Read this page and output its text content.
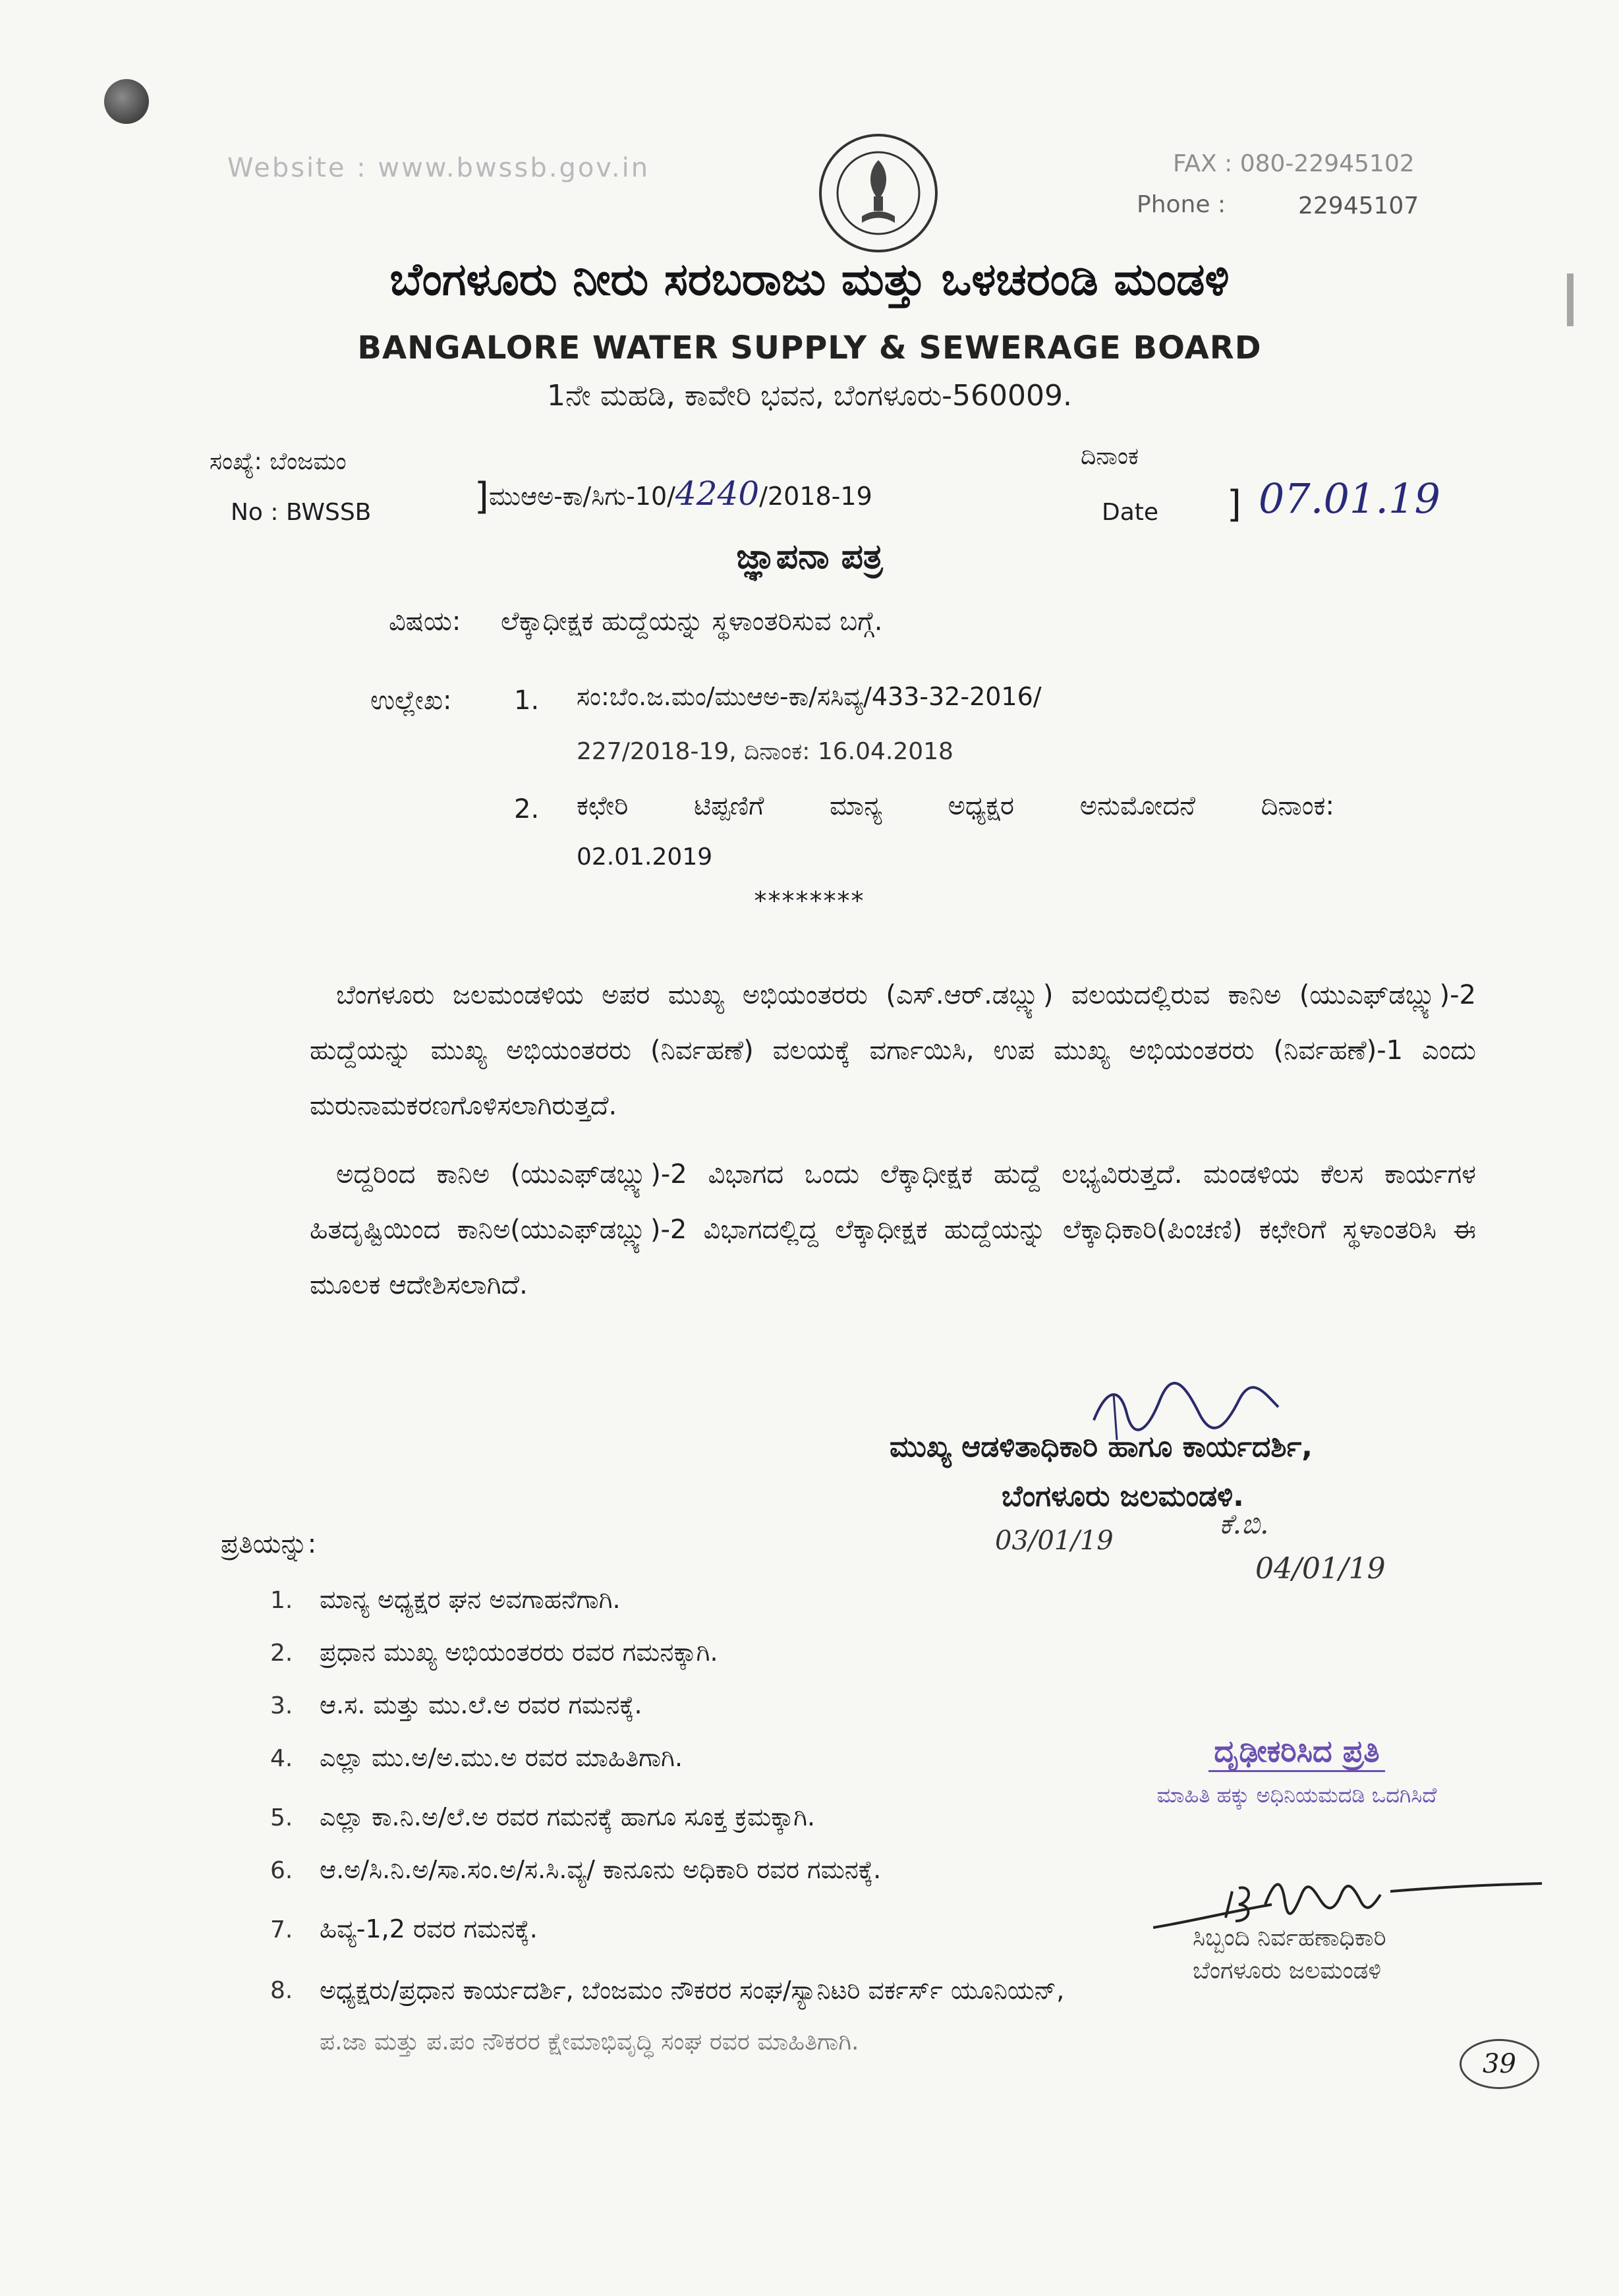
Website : www.bwssb.gov.in	FAX : 080-22945102
Phone :	22945107
ಬೆಂಗಳೂರು ನೀರು ಸರಬರಾಜು ಮತ್ತು ಒಳಚರಂಡಿ ಮಂಡಳಿ
BANGALORE WATER SUPPLY & SEWERAGE BOARD
1ನೇ ಮಹಡಿ, ಕಾವೇರಿ ಭವನ, ಬೆಂಗಳೂರು-560009.
ಸಂಖ್ಯೆ: ಬೆಂಜಮಂ
No : BWSSB	]ಮುಆಅ-ಕಾ/ಸಿಗು-10/4240/2018-19
ದಿನಾಂಕ
Date ] 07.01.19
ಜ್ಞಾಪನಾ ಪತ್ರ
ವಿಷಯ: ಲೆಕ್ಕಾಧೀಕ್ಷಕ ಹುದ್ದೆಯನ್ನು ಸ್ಥಳಾಂತರಿಸುವ ಬಗ್ಗೆ.
ಉಲ್ಲೇಖ: 1. ಸಂ:ಬೆಂ.ಜ.ಮಂ/ಮುಆಅ-ಕಾ/ಸಸಿವ್ಯ/433-32-2016/
227/2018-19, ದಿನಾಂಕ: 16.04.2018
2. ಕಛೇರಿ ಟಿಪ್ಪಣಿಗೆ ಮಾನ್ಯ ಅಧ್ಯಕ್ಷರ ಅನುಮೋದನೆ ದಿನಾಂಕ:
02.01.2019
********
ಬೆಂಗಳೂರು ಜಲಮಂಡಳಿಯ ಅಪರ ಮುಖ್ಯ ಅಭಿಯಂತರರು (ಎಸ್.ಆರ್.ಡಬ್ಲ್ಯು) ವಲಯದಲ್ಲಿರುವ ಕಾನಿಅ (ಯುಎಫ್‌ಡಬ್ಲ್ಯು)-2 ಹುದ್ದೆಯನ್ನು ಮುಖ್ಯ ಅಭಿಯಂತರರು (ನಿರ್ವಹಣೆ) ವಲಯಕ್ಕೆ ವರ್ಗಾಯಿಸಿ, ಉಪ ಮುಖ್ಯ ಅಭಿಯಂತರರು (ನಿರ್ವಹಣೆ)-1 ಎಂದು ಮರುನಾಮಕರಣಗೊಳಿಸಲಾಗಿರುತ್ತದೆ.
ಅದ್ದರಿಂದ ಕಾನಿಅ (ಯುಎಫ್‌ಡಬ್ಲ್ಯು)-2 ವಿಭಾಗದ ಒಂದು ಲೆಕ್ಕಾಧೀಕ್ಷಕ ಹುದ್ದೆ ಲಭ್ಯವಿರುತ್ತದೆ. ಮಂಡಳಿಯ ಕೆಲಸ ಕಾರ್ಯಗಳ ಹಿತದೃಷ್ಟಿಯಿಂದ ಕಾನಿಅ(ಯುಎಫ್‌ಡಬ್ಲ್ಯು)-2 ವಿಭಾಗದಲ್ಲಿದ್ದ ಲೆಕ್ಕಾಧೀಕ್ಷಕ ಹುದ್ದೆಯನ್ನು ಲೆಕ್ಕಾಧಿಕಾರಿ(ಪಿಂಚಣಿ) ಕಛೇರಿಗೆ ಸ್ಥಳಾಂತರಿಸಿ ಈ ಮೂಲಕ ಆದೇಶಿಸಲಾಗಿದೆ.
ಮುಖ್ಯ ಆಡಳಿತಾಧಿಕಾರಿ ಹಾಗೂ ಕಾರ್ಯದರ್ಶಿ,
ಬೆಂಗಳೂರು ಜಲಮಂಡಳಿ.
03/01/19
ಕೆ.ಬಿ.
04/01/19
ಪ್ರತಿಯನ್ನು:
1. ಮಾನ್ಯ ಅಧ್ಯಕ್ಷರ ಘನ ಅವಗಾಹನೆಗಾಗಿ.
2. ಪ್ರಧಾನ ಮುಖ್ಯ ಅಭಿಯಂತರರು ರವರ ಗಮನಕ್ಕಾಗಿ.
3. ಆ.ಸ. ಮತ್ತು ಮು.ಲೆ.ಅ ರವರ ಗಮನಕ್ಕೆ.
4. ಎಲ್ಲಾ ಮು.ಅ/ಅ.ಮು.ಅ ರವರ ಮಾಹಿತಿಗಾಗಿ.
5. ಎಲ್ಲಾ ಕಾ.ನಿ.ಅ/ಲೆ.ಅ ರವರ ಗಮನಕ್ಕೆ ಹಾಗೂ ಸೂಕ್ತ ಕ್ರಮಕ್ಕಾಗಿ.
6. ಆ.ಅ/ಸಿ.ನಿ.ಅ/ಸಾ.ಸಂ.ಅ/ಸ.ಸಿ.ವ್ಯ/ ಕಾನೂನು ಅಧಿಕಾರಿ ರವರ ಗಮನಕ್ಕೆ.
7. ಹಿವ್ಯ-1,2 ರವರ ಗಮನಕ್ಕೆ.
8. ಅಧ್ಯಕ್ಷರು/ಪ್ರಧಾನ ಕಾರ್ಯದರ್ಶಿ, ಬೆಂಜಮಂ ನೌಕರರ ಸಂಘ/ಸ್ಯಾನಿಟರಿ ವರ್ಕರ್ಸ್ ಯೂನಿಯನ್,
ಪ.ಜಾ ಮತ್ತು ಪ.ಪಂ ನೌಕರರ ಕ್ಷೇಮಾಭಿವೃದ್ಧಿ ಸಂಘ ರವರ ಮಾಹಿತಿಗಾಗಿ.
ದೃಢೀಕರಿಸಿದ ಪ್ರತಿ
ಮಾಹಿತಿ ಹಕ್ಕು ಅಧಿನಿಯಮದಡಿ ಒದಗಿಸಿದೆ
ಸಿಬ್ಬಂದಿ ನಿರ್ವಹಣಾಧಿಕಾರಿ
ಬೆಂಗಳೂರು ಜಲಮಂಡಳಿ
39
